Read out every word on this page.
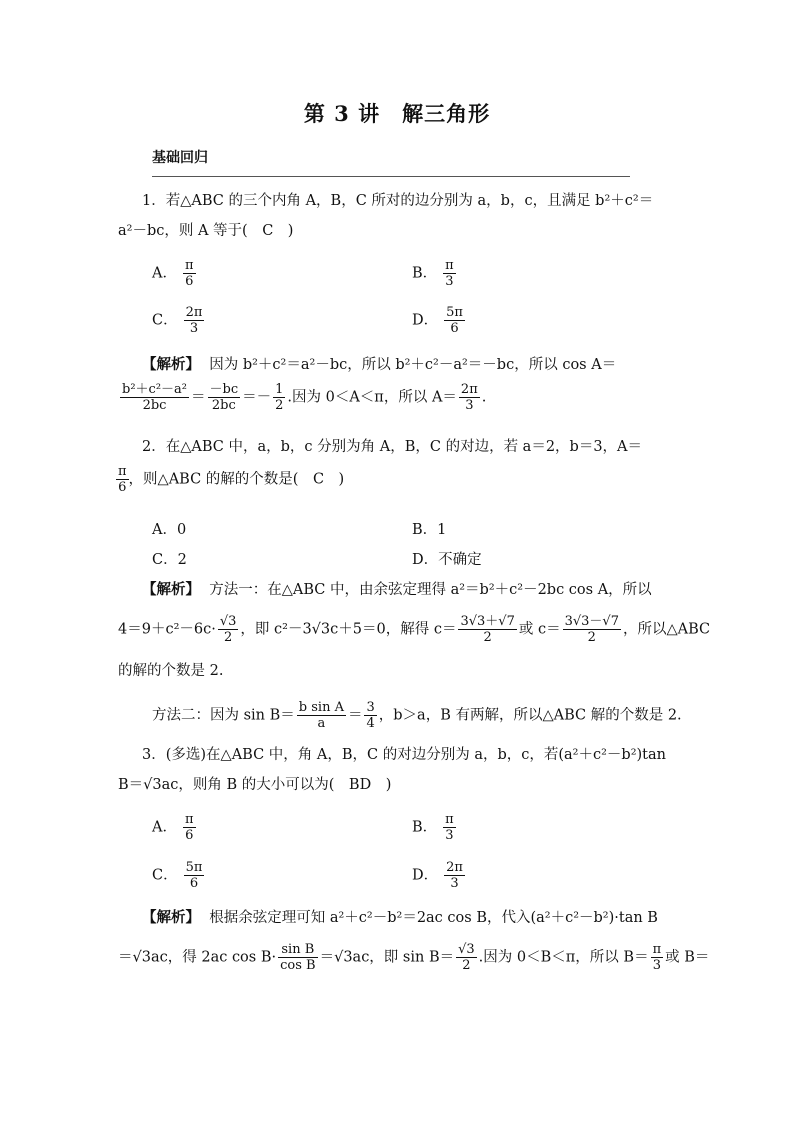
第 3 讲　解三角形
基础回归
1．若△ABC 的三个内角 A，B，C 所对的边分别为 a，b，c，且满足 b²＋c²＝
a²－bc，则 A 等于(　C　)
A． $\frac{\pi}{6}$	B． $\frac{\pi}{3}$
C． $\frac{2\pi}{3}$	D． $\frac{5\pi}{6}$
【解析】 因为 b²＋c²＝a²－bc，所以 b²＋c²－a²＝－bc，所以 cos A＝
$\frac{\text{b²＋c²－a²}}{2bc} = \frac{-bc}{2bc} =- \frac{1}{2}$ .因为 0＜A＜π，所以 $A= \frac{2\pi}{3}$ .
2．在△ABC 中，a，b，c 分别为角 A，B，C 的对边，若 a＝2，b＝3，A＝
$\frac{\pi}{6}$ ，则△ABC 的解的个数是(　C　)
A．0	B．1
C．2	D．不确定
【解析】 方法一：在△ABC 中，由余弦定理得 a²＝b²＋c²－2bc cos A，所以
$4=9+c^2-6c\cdot \frac{√3}{2}$ ，即 c²－3√3c＋5＝0，解得 $c= \frac{3√3+√7}{2}$ 或 $c= \frac{3√3-√7}{2}$ ，所以△ABC
的解的个数是 2.
方法二：因为 $\sin B= \frac{\text{b sin A}}{a} = \frac{3}{4}$ ，b＞a，B 有两解，所以△ABC 解的个数是 2.
3．(多选)在△ABC 中，角 A，B，C 的对边分别为 a，b，c，若(a²＋c²－b²)tan
B＝√3ac，则角 B 的大小可以为(　BD　)
A． $\frac{\pi}{6}$	B． $\frac{\pi}{3}$
C． $\frac{5\pi}{6}$	D． $\frac{2\pi}{3}$
【解析】 根据余弦定理可知 a²＋c²－b²＝2ac cos B，代入(a²＋c²－b²)·tan B
＝√3ac，得 2ac $\cos B\cdot \frac{\text{sin B}}{\text{cos B}} =√3ac$，即 $\sin B= \frac{√3}{2}$ .因为 0＜B＜π，所以 $B= \frac{\pi}{3}$ 或 B＝
